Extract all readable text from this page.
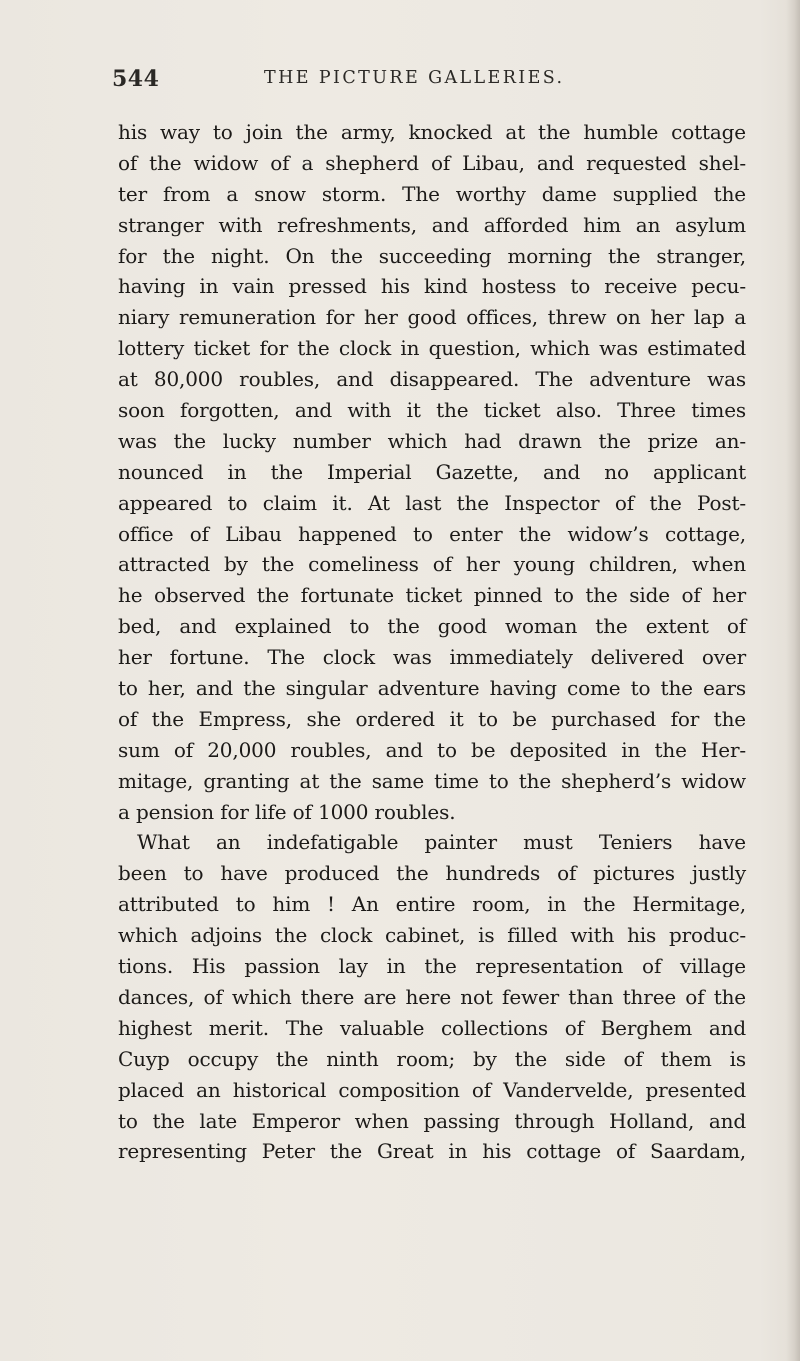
544	THE PICTURE GALLERIES.
his way to join the army, knocked at the humble cottage
of the widow of a shepherd of Libau, and requested shel-
ter from a snow storm. The worthy dame supplied the
stranger with refreshments, and afforded him an asylum
for the night. On the succeeding morning the stranger,
having in vain pressed his kind hostess to receive pecu-
niary remuneration for her good offices, threw on her lap a
lottery ticket for the clock in question, which was estimated
at 80,000 roubles, and disappeared. The adventure was
soon forgotten, and with it the ticket also. Three times
was the lucky number which had drawn the prize an-
nounced in the Imperial Gazette, and no applicant
appeared to claim it. At last the Inspector of the Post-
office of Libau happened to enter the widow’s cottage,
attracted by the comeliness of her young children, when
he observed the fortunate ticket pinned to the side of her
bed, and explained to the good woman the extent of
her fortune. The clock was immediately delivered over
to her, and the singular adventure having come to the ears
of the Empress, she ordered it to be purchased for the
sum of 20,000 roubles, and to be deposited in the Her-
mitage, granting at the same time to the shepherd’s widow
a pension for life of 1000 roubles.
What an indefatigable painter must Teniers have
been to have produced the hundreds of pictures justly
attributed to him ! An entire room, in the Hermitage,
which adjoins the clock cabinet, is filled with his produc-
tions. His passion lay in the representation of village
dances, of which there are here not fewer than three of the
highest merit. The valuable collections of Berghem and
Cuyp occupy the ninth room; by the side of them is
placed an historical composition of Vandervelde, presented
to the late Emperor when passing through Holland, and
representing Peter the Great in his cottage of Saardam,
